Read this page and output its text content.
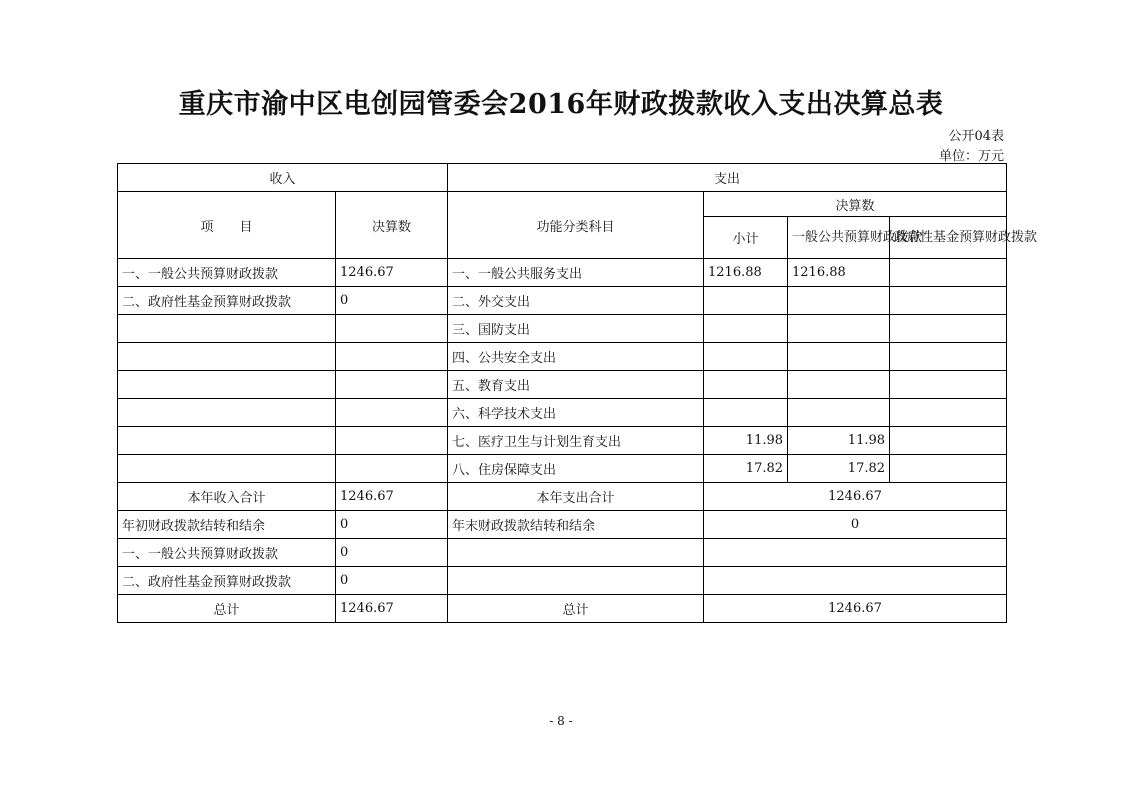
重庆市渝中区电创园管委会2016年财政拨款收入支出决算总表
公开04表
单位：万元
收入		支出			
项　　目	决算数	功能分类科目	决算数		
			小计	一般公共预算财政拨款	政府性基金预算财政拨款
一、一般公共预算财政拨款	1246.67	一、一般公共服务支出	1216.88	1216.88	
二、政府性基金预算财政拨款	0	二、外交支出			
		三、国防支出			
		四、公共安全支出			
		五、教育支出			
		六、科学技术支出			
		七、医疗卫生与计划生育支出	11.98	11.98	
		八、住房保障支出	17.82	17.82	
本年收入合计	1246.67	本年支出合计	1246.67		
年初财政拨款结转和结余	0	年末财政拨款结转和结余	0		
一、一般公共预算财政拨款	0				
二、政府性基金预算财政拨款	0				
总计	1246.67	总计	1246.67		
- 8 -
